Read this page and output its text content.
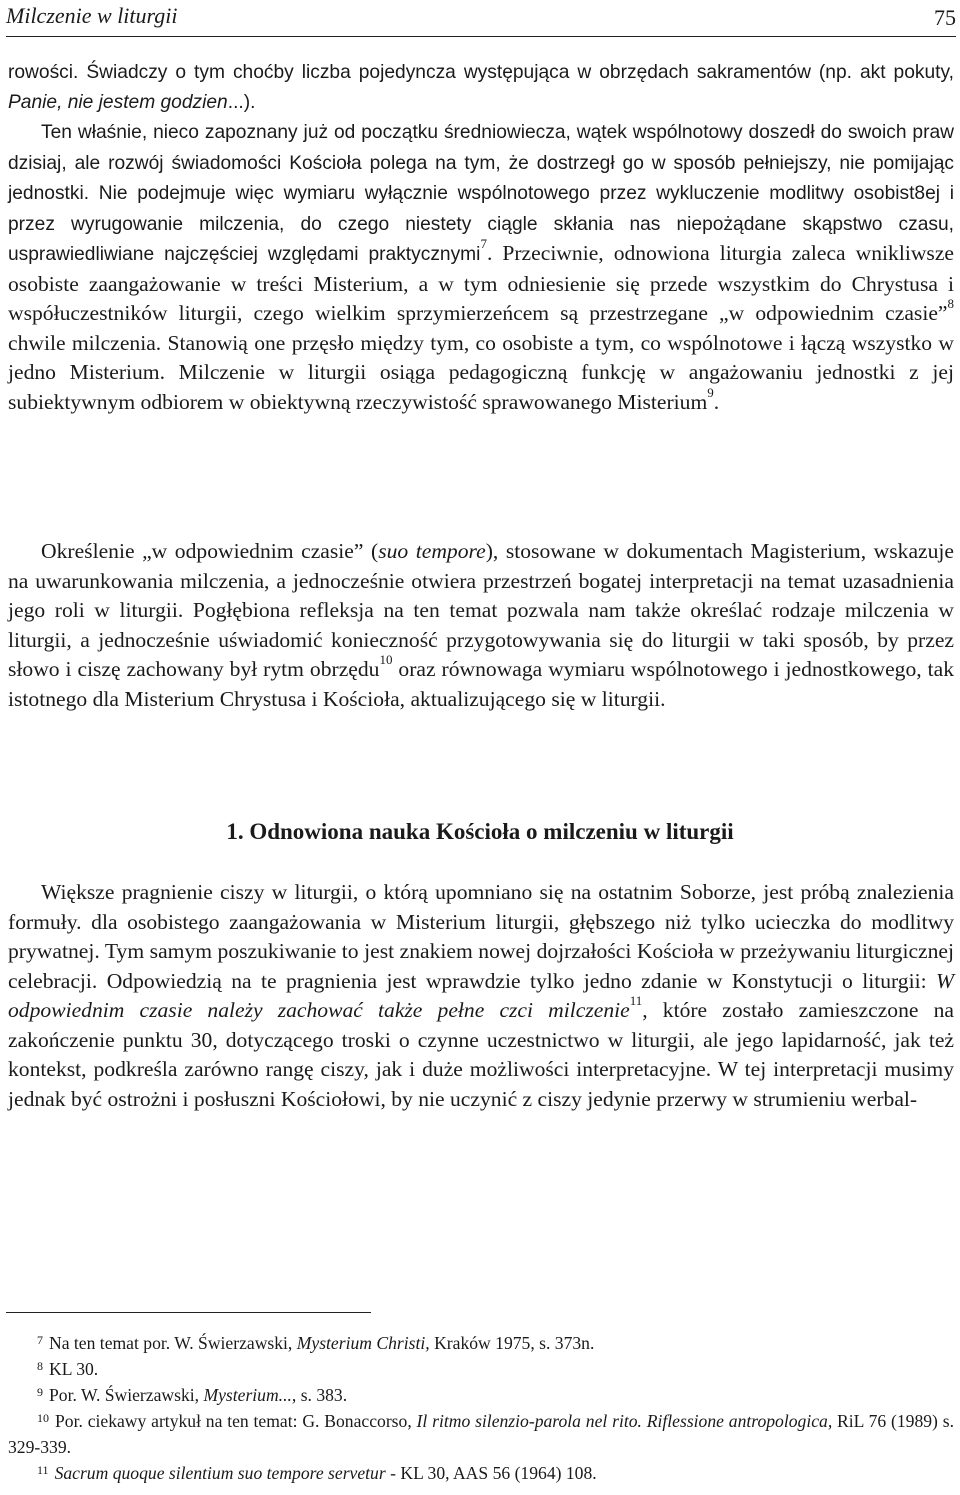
Milczenie w liturgii	75

rowości. Świadczy o tym choćby liczba pojedyncza występująca w obrzędach sakramentów (np. akt pokuty, Panie, nie jestem godzien...).

Ten właśnie, nieco zapoznany już od początku średniowiecza, wątek wspólnotowy doszedł do swoich praw dzisiaj, ale rozwój świadomości Kościoła polega na tym, że dostrzegł go w sposób pełniejszy, nie pomijając jednostki. Nie podejmuje więc wymiaru wyłącznie wspólnotowego przez wykluczenie modlitwy osobist8ej i przez wyrugowanie milczenia, do czego niestety ciągle skłania nas niepożądane skąpstwo czasu, usprawiedliwiane najczęściej względami praktycznymi$^7$. Przeciwnie, odnowiona liturgia zaleca wnikliwsze osobiste zaangażowanie w treści Misterium, a w tym odniesienie się przede wszystkim do Chrystusa i współuczestników liturgii, czego wielkim sprzymierzeńcem są przestrzegane „w odpowiednim czasie”$^8$ chwile milczenia. Stanowią one przęsło między tym, co osobiste a tym, co wspólnotowe i łączą wszystko w jedno Misterium. Milczenie w liturgii osiąga pedagogiczną funkcję w angażowaniu jednostki z jej subiektywnym odbiorem w obiektywną rzeczywistość sprawowanego Misterium$^9$.

Określenie „w odpowiednim czasie” (suo tempore), stosowane w dokumentach Magisterium, wskazuje na uwarunkowania milczenia, a jednocześnie otwiera przestrzeń bogatej interpretacji na temat uzasadnienia jego roli w liturgii. Pogłębiona refleksja na ten temat pozwala nam także określać rodzaje milczenia w liturgii, a jednocześnie uświadomić konieczność przygotowywania się do liturgii w taki sposób, by przez słowo i ciszę zachowany był rytm obrzędu$^{10}$ oraz równowaga wymiaru wspólnotowego i jednostkowego, tak istotnego dla Misterium Chrystusa i Kościoła, aktualizującego się w liturgii.

1. Odnowiona nauka Kościoła o milczeniu w liturgii

Większe pragnienie ciszy w liturgii, o którą upomniano się na ostatnim Soborze, jest próbą znalezienia formuły. dla osobistego zaangażowania w Misterium liturgii, głębszego niż tylko ucieczka do modlitwy prywatnej. Tym samym poszukiwanie to jest znakiem nowej dojrzałości Kościoła w przeżywaniu liturgicznej celebracji. Odpowiedzią na te pragnienia jest wprawdzie tylko jedno zdanie w Konstytucji o liturgii: W odpowiednim czasie należy zachować także pełne czci milczenie$^{11}$, które zostało zamieszczone na zakończenie punktu 30, dotyczącego troski o czynne uczestnictwo w liturgii, ale jego lapidarność, jak też kontekst, podkreśla zarówno rangę ciszy, jak i duże możliwości interpretacyjne. W tej interpretacji musimy jednak być ostrożni i posłuszni Kościołowi, by nie uczynić z ciszy jedynie przerwy w strumieniu werbal-

$^7$ Na ten temat por. W. Świerzawski, Mysterium Christi, Kraków 1975, s. 373n.

$^8$ KL 30.

$^9$ Por. W. Świerzawski, Mysterium..., s. 383.

$^{10}$ Por. ciekawy artykuł na ten temat: G. Bonaccorso, Il ritmo silenzio-parola nel rito. Riflessione antropologica, RiL 76 (1989) s. 329-339.

$^{11}$ Sacrum quoque silentium suo tempore servetur - KL 30, AAS 56 (1964) 108.
